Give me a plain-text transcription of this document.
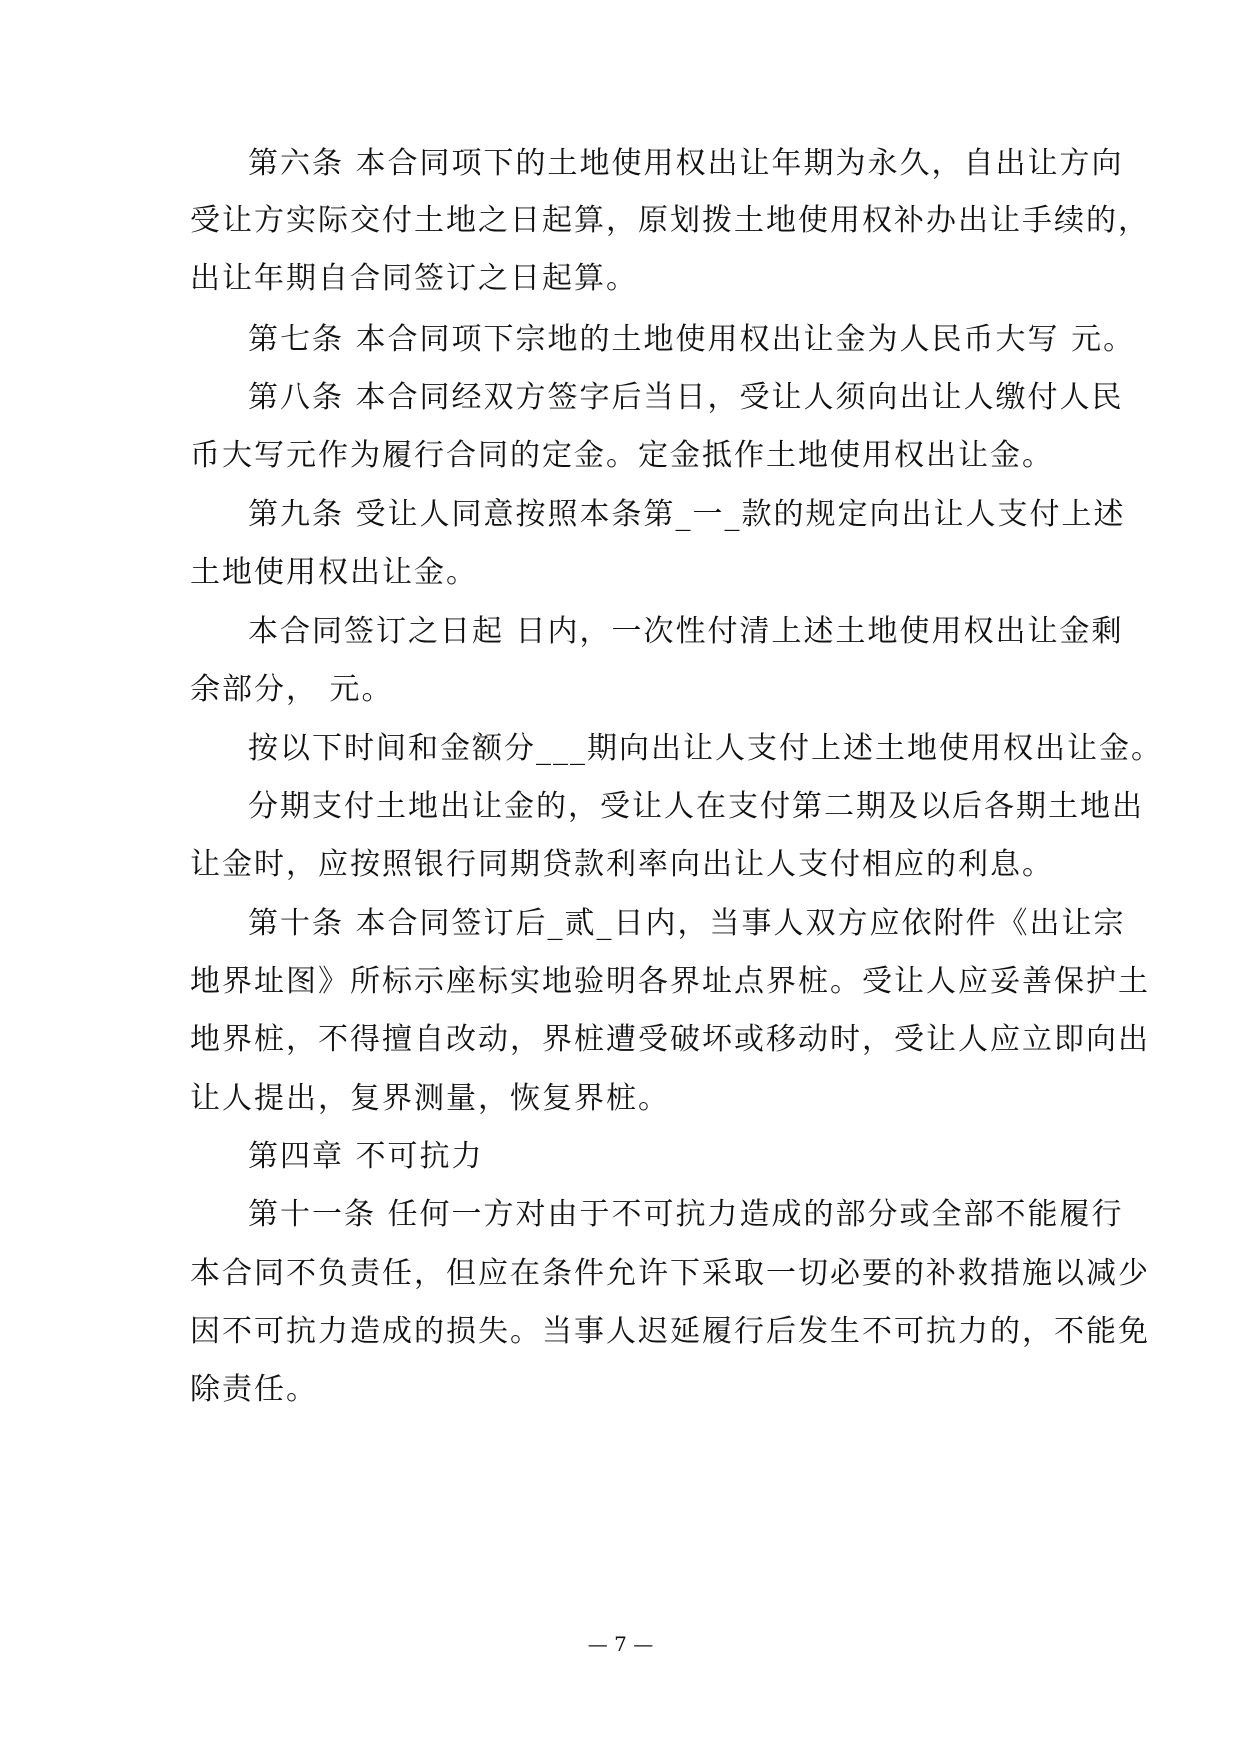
第六条 本合同项下的土地使用权出让年期为永久，自出让方向
受让方实际交付土地之日起算，原划拨土地使用权补办出让手续的，
出让年期自合同签订之日起算。
第七条 本合同项下宗地的土地使用权出让金为人民币大写 元。
第八条 本合同经双方签字后当日，受让人须向出让人缴付人民
币大写元作为履行合同的定金。定金抵作土地使用权出让金。
第九条 受让人同意按照本条第_一_款的规定向出让人支付上述
土地使用权出让金。
本合同签订之日起 日内，一次性付清上述土地使用权出让金剩
余部分， 元。
按以下时间和金额分___期向出让人支付上述土地使用权出让金。
分期支付土地出让金的，受让人在支付第二期及以后各期土地出
让金时，应按照银行同期贷款利率向出让人支付相应的利息。
第十条 本合同签订后_贰_日内，当事人双方应依附件《出让宗
地界址图》所标示座标实地验明各界址点界桩。受让人应妥善保护土
地界桩，不得擅自改动，界桩遭受破坏或移动时，受让人应立即向出
让人提出，复界测量，恢复界桩。
第四章 不可抗力
第十一条 任何一方对由于不可抗力造成的部分或全部不能履行
本合同不负责任，但应在条件允许下采取一切必要的补救措施以减少
因不可抗力造成的损失。当事人迟延履行后发生不可抗力的，不能免
除责任。
— 7 —
